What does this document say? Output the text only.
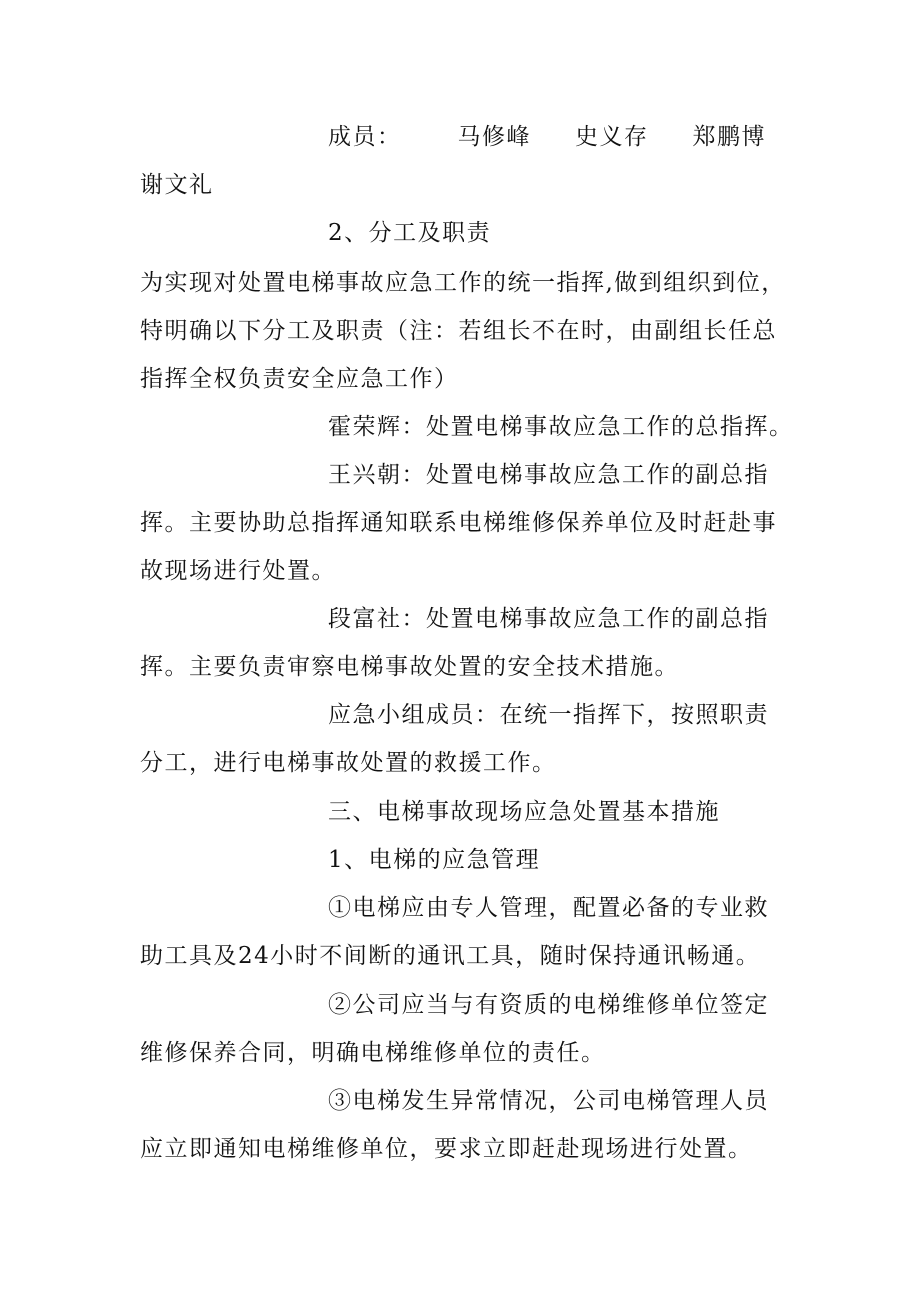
成员： 马修峰 史义存 郑鹏博
谢文礼
2、分工及职责
为实现对处置电梯事故应急工作的统一指挥,做到组织到位，
特明确以下分工及职责（注：若组长不在时，由副组长任总
指挥全权负责安全应急工作）
霍荣辉：处置电梯事故应急工作的总指挥。
王兴朝：处置电梯事故应急工作的副总指
挥。主要协助总指挥通知联系电梯维修保养单位及时赶赴事
故现场进行处置。
段富社：处置电梯事故应急工作的副总指
挥。主要负责审察电梯事故处置的安全技术措施。
应急小组成员：在统一指挥下，按照职责
分工，进行电梯事故处置的救援工作。
三、电梯事故现场应急处置基本措施
1、电梯的应急管理
①电梯应由专人管理，配置必备的专业救
助工具及24小时不间断的通讯工具，随时保持通讯畅通。
②公司应当与有资质的电梯维修单位签定
维修保养合同，明确电梯维修单位的责任。
③电梯发生异常情况，公司电梯管理人员
应立即通知电梯维修单位，要求立即赶赴现场进行处置。
